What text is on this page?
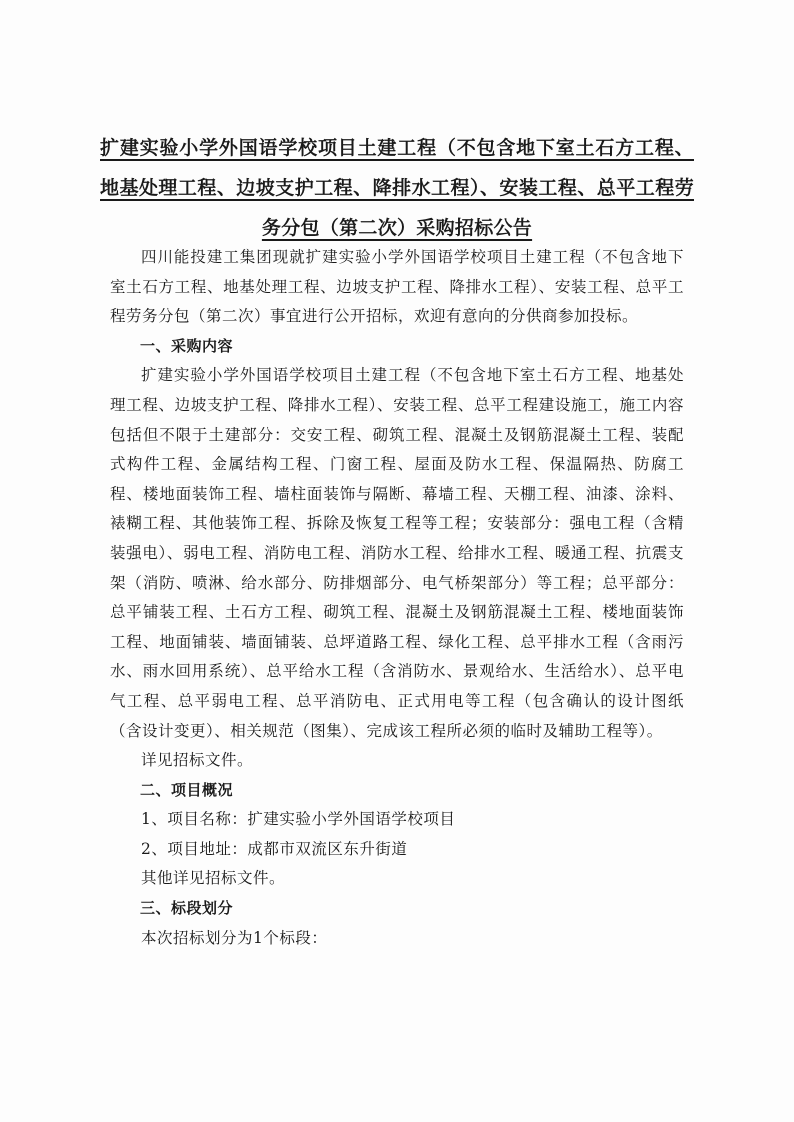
扩建实验小学外国语学校项目土建工程（不包含地下室土石方工程、地基处理工程、边坡支护工程、降排水工程）、安装工程、总平工程劳务分包（第二次）采购招标公告

四川能投建工集团现就扩建实验小学外国语学校项目土建工程（不包含地下室土石方工程、地基处理工程、边坡支护工程、降排水工程）、安装工程、总平工程劳务分包（第二次）事宜进行公开招标，欢迎有意向的分供商参加投标。

一、采购内容

扩建实验小学外国语学校项目土建工程（不包含地下室土石方工程、地基处理工程、边坡支护工程、降排水工程）、安装工程、总平工程建设施工，施工内容包括但不限于土建部分：交安工程、砌筑工程、混凝土及钢筋混凝土工程、装配式构件工程、金属结构工程、门窗工程、屋面及防水工程、保温隔热、防腐工程、楼地面装饰工程、墙柱面装饰与隔断、幕墙工程、天棚工程、油漆、涂料、裱糊工程、其他装饰工程、拆除及恢复工程等工程；安装部分：强电工程（含精装强电）、弱电工程、消防电工程、消防水工程、给排水工程、暖通工程、抗震支架（消防、喷淋、给水部分、防排烟部分、电气桥架部分）等工程；总平部分：总平铺装工程、土石方工程、砌筑工程、混凝土及钢筋混凝土工程、楼地面装饰工程、地面铺装、墙面铺装、总坪道路工程、绿化工程、总平排水工程（含雨污水、雨水回用系统）、总平给水工程（含消防水、景观给水、生活给水）、总平电气工程、总平弱电工程、总平消防电、正式用电等工程（包含确认的设计图纸（含设计变更）、相关规范（图集）、完成该工程所必须的临时及辅助工程等）。

详见招标文件。

二、项目概况

1、项目名称：扩建实验小学外国语学校项目

2、项目地址：成都市双流区东升街道

其他详见招标文件。

三、标段划分

本次招标划分为1个标段：
